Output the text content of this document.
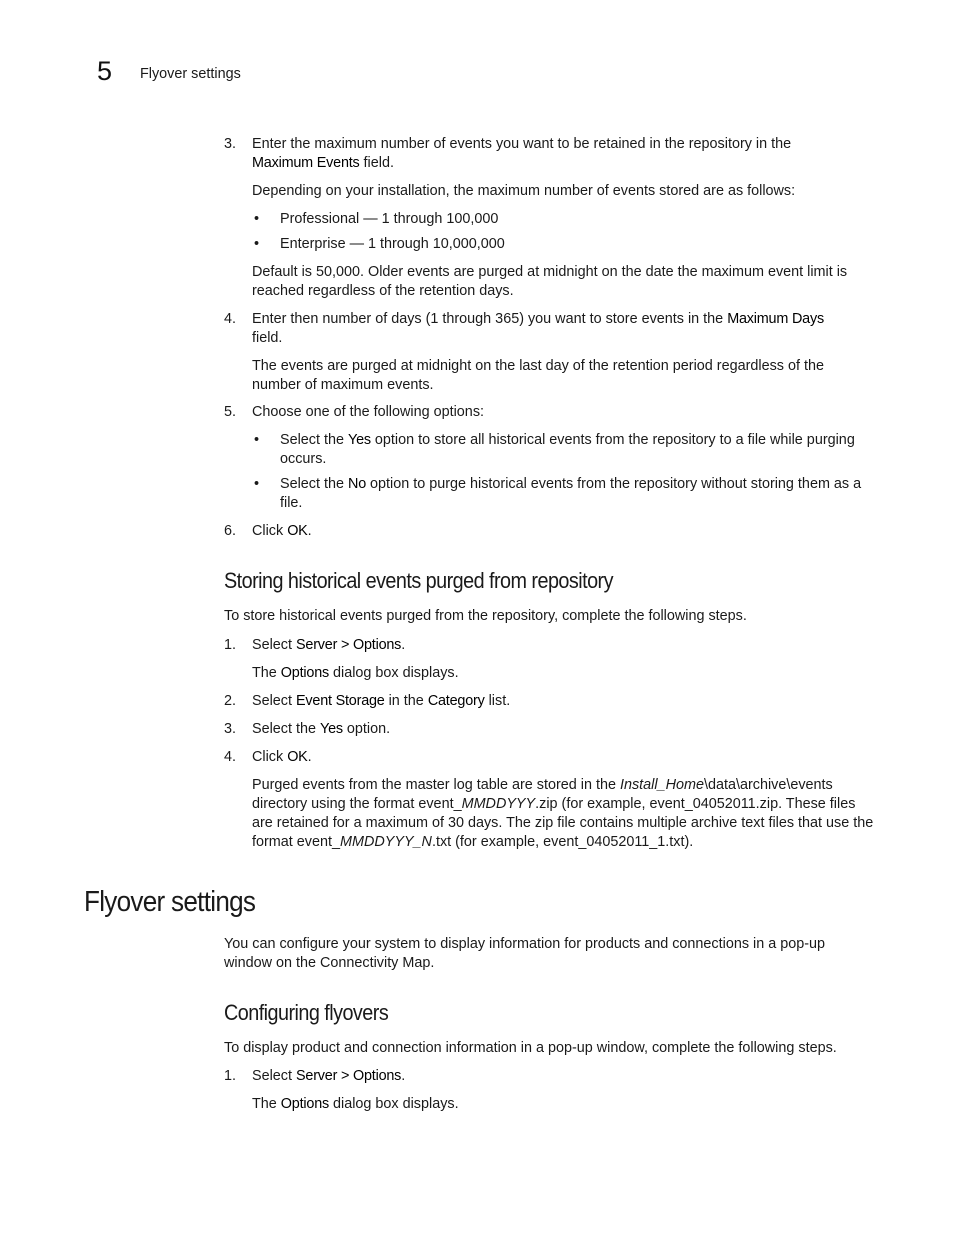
5 Flyover settings
3.	Enter the maximum number of events you want to be retained in the repository in the
Maximum Events field.
Depending on your installation, the maximum number of events stored are as follows:
• Professional — 1 through 100,000
• Enterprise — 1 through 10,000,000
Default is 50,000. Older events are purged at midnight on the date the maximum event limit is reached regardless of the retention days.
4.	Enter then number of days (1 through 365) you want to store events in the Maximum Days
field.
The events are purged at midnight on the last day of the retention period regardless of the number of maximum events.
5.	Choose one of the following options:
• Select the Yes option to store all historical events from the repository to a file while purging occurs.
• Select the No option to purge historical events from the repository without storing them as a file.
6.	Click OK.
Storing historical events purged from repository
To store historical events purged from the repository, complete the following steps.
1.	Select Server > Options.
The Options dialog box displays.
2.	Select Event Storage in the Category list.
3.	Select the Yes option.
4.	Click OK.
Purged events from the master log table are stored in the Install_Home\data\archive\events directory using the format event_MMDDYYY.zip (for example, event_04052011.zip. These files are retained for a maximum of 30 days. The zip file contains multiple archive text files that use the format event_MMDDYYY_N.txt (for example, event_04052011_1.txt).
Flyover settings
You can configure your system to display information for products and connections in a pop-up window on the Connectivity Map.
Configuring flyovers
To display product and connection information in a pop-up window, complete the following steps.
1.	Select Server > Options.
The Options dialog box displays.
